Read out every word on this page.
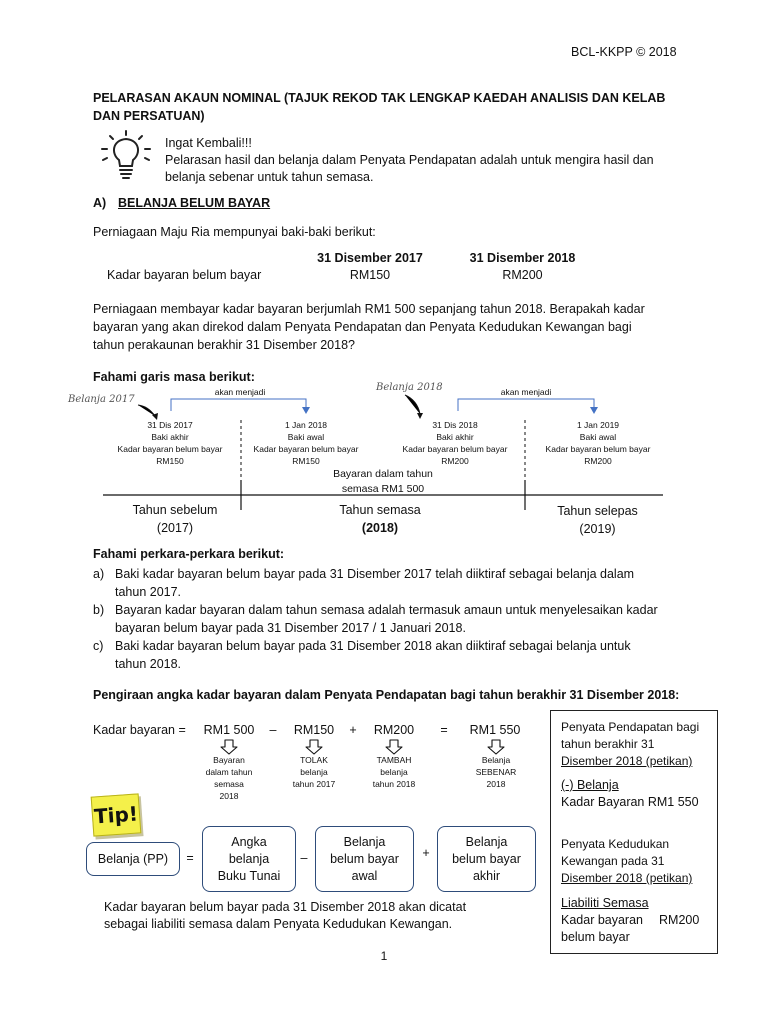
BCL-KKPP © 2018
PELARASAN AKAUN NOMINAL (TAJUK REKOD TAK LENGKAP KAEDAH ANALISIS DAN KELAB DAN PERSATUAN)
Ingat Kembali!!!
Pelarasan hasil dan belanja dalam Penyata Pendapatan adalah untuk mengira hasil dan
belanja sebenar untuk tahun semasa.
A) BELANJA BELUM BAYAR
Perniagaan Maju Ria mempunyai baki-baki berikut:
31 Disember 2017	31 Disember 2018
Kadar bayaran belum bayar	RM150	RM200
Perniagaan membayar kadar bayaran berjumlah RM1 500 sepanjang tahun 2018. Berapakah kadar
bayaran yang akan direkod dalam Penyata Pendapatan dan Penyata Kedudukan Kewangan bagi
tahun perakaunan berakhir 31 Disember 2018?
Fahami garis masa berikut:
Belanja 2017
Belanja 2018
akan menjadi	akan menjadi
31 Dis 2017
Baki akhir
Kadar bayaran belum bayar
RM150
1 Jan 2018
Baki awal
Kadar bayaran belum bayar
RM150
31 Dis 2018
Baki akhir
Kadar bayaran belum bayar
RM200
1 Jan 2019
Baki awal
Kadar bayaran belum bayar
RM200
Bayaran dalam tahun
semasa RM1 500
Tahun sebelum
(2017)
Tahun semasa
(2018)
Tahun selepas
(2019)
Fahami perkara-perkara berikut:
a) Baki kadar bayaran belum bayar pada 31 Disember 2017 telah diiktiraf sebagai belanja dalam
tahun 2017.
b) Bayaran kadar bayaran dalam tahun semasa adalah termasuk amaun untuk menyelesaikan kadar
bayaran belum bayar pada 31 Disember 2017 / 1 Januari 2018.
c) Baki kadar bayaran belum bayar pada 31 Disember 2018 akan diiktiraf sebagai belanja untuk
tahun 2018.
Pengiraan angka kadar bayaran dalam Penyata Pendapatan bagi tahun berakhir 31 Disember 2018:
Kadar bayaran =	RM1 500	–	RM150	+	RM200	=	RM1 550
Bayaran
dalam tahun
semasa
2018
TOLAK
belanja
tahun 2017
TAMBAH
belanja
tahun 2018
Belanja
SEBENAR
2018
Tip!
Belanja (PP)	=
Angka
belanja
Buku Tunai
–
Belanja
belum bayar
awal
+
Belanja
belum bayar
akhir
Kadar bayaran belum bayar pada 31 Disember 2018 akan dicatat
sebagai liabiliti semasa dalam Penyata Kedudukan Kewangan.
Penyata Pendapatan bagi
tahun berakhir 31
Disember 2018 (petikan)
(-) Belanja
Kadar Bayaran RM1 550
Penyata Kedudukan
Kewangan pada 31
Disember 2018 (petikan)
Liabiliti Semasa
Kadar bayaran RM200
belum bayar
1
